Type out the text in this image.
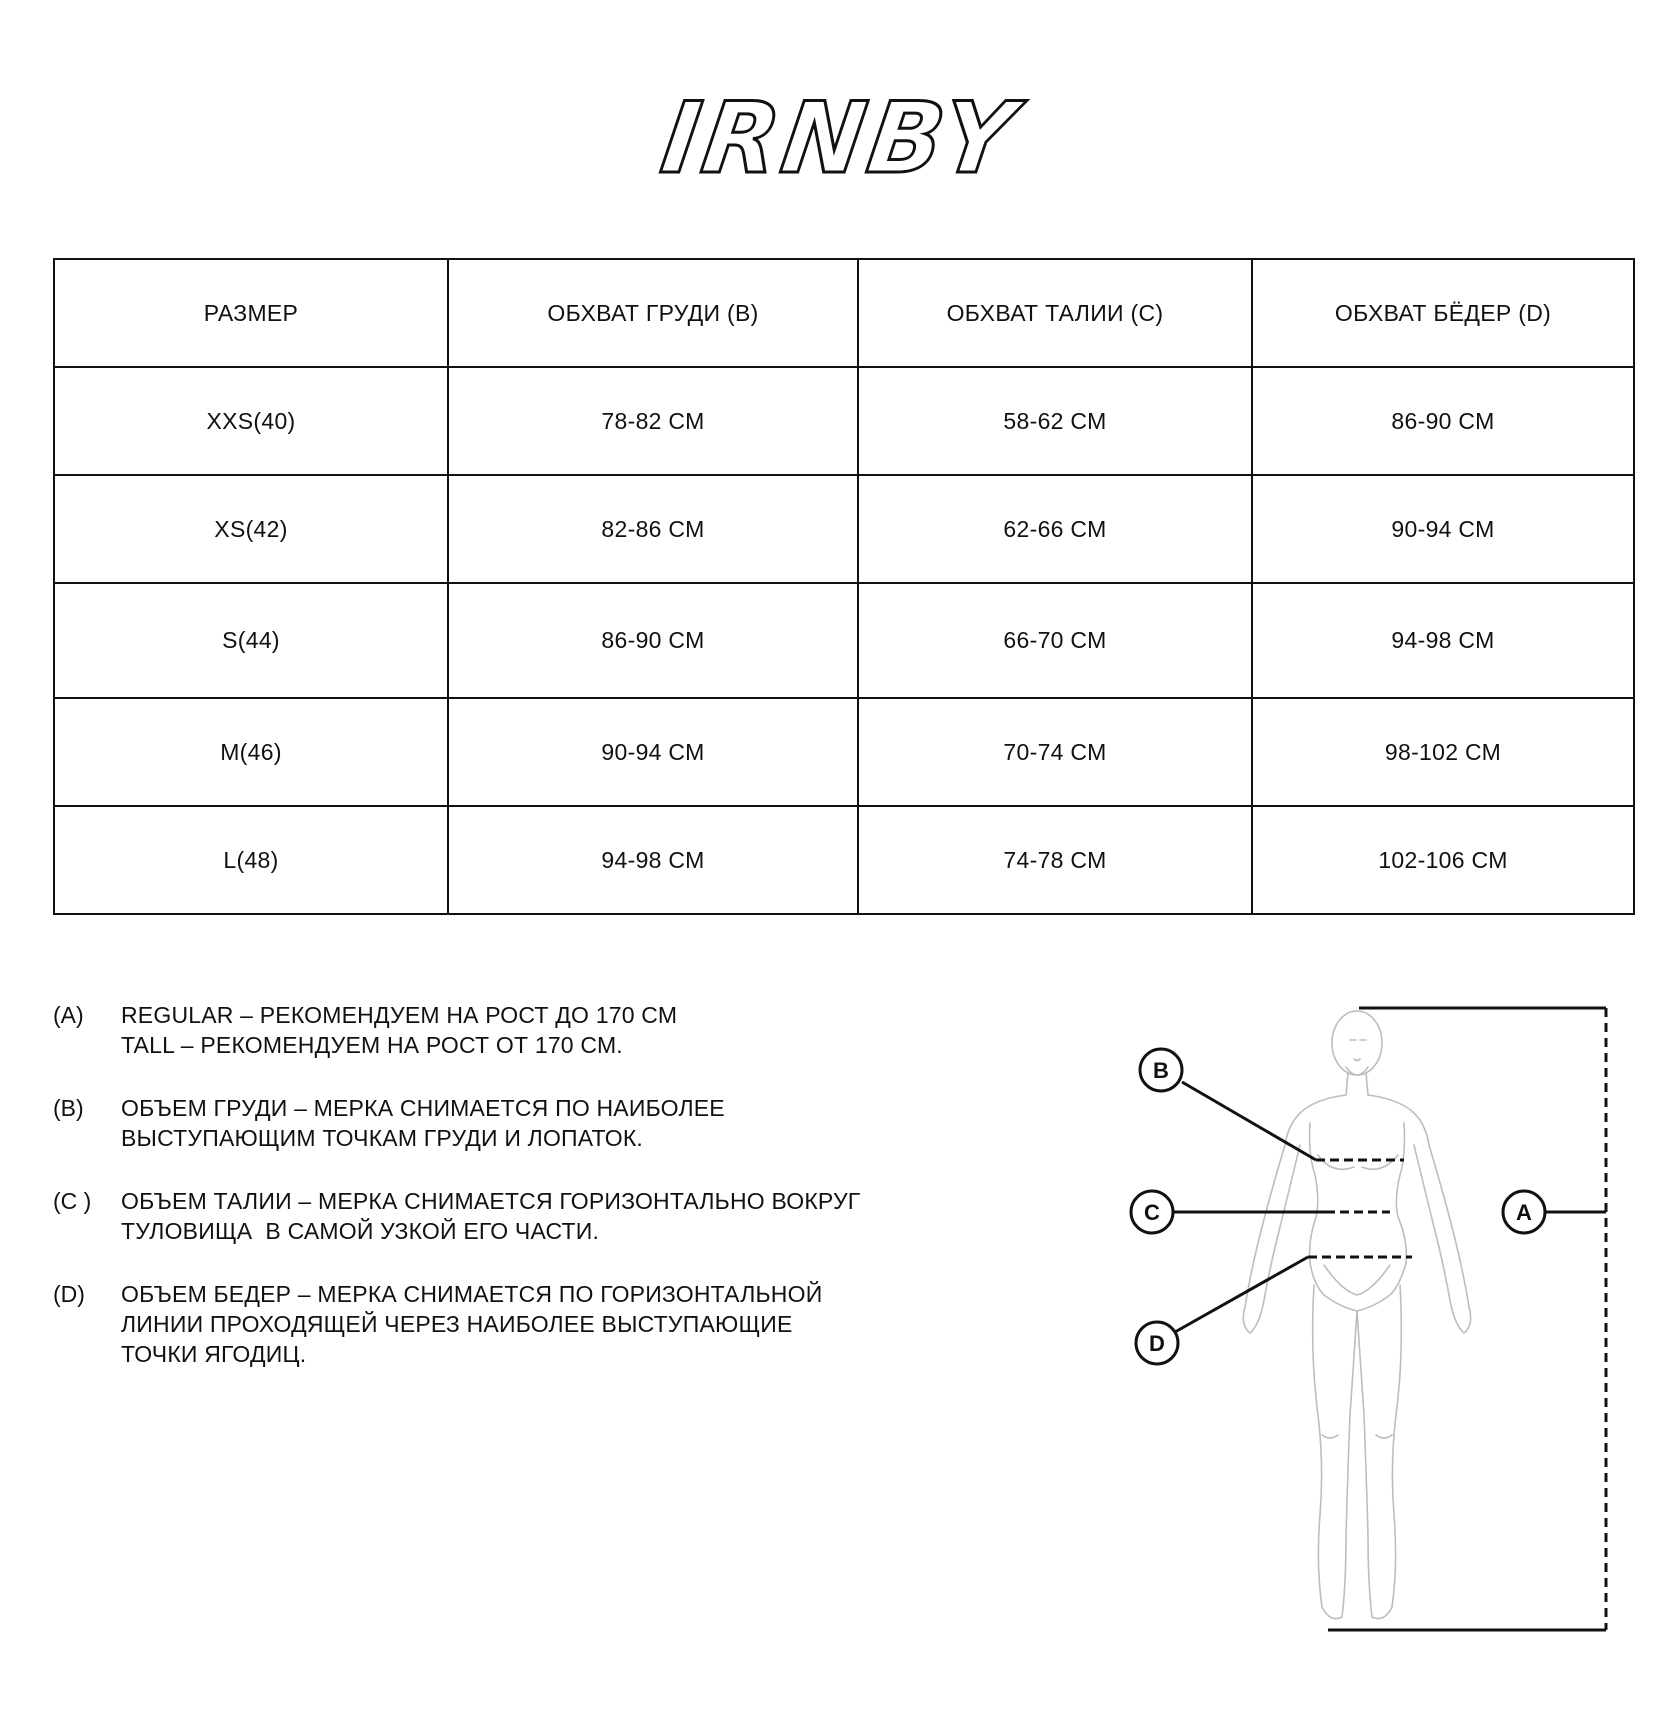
IRNBY
РАЗМЕР	ОБХВАТ ГРУДИ (B)	ОБХВАТ ТАЛИИ (C)	ОБХВАТ БЁДЕР (D)
XXS(40)	78-82 СМ	58-62 СМ	86-90 СМ
XS(42)	82-86 СМ	62-66 СМ	90-94 СМ
S(44)	86-90 СМ	66-70 СМ	94-98 СМ
M(46)	90-94 СМ	70-74 СМ	98-102 СМ
L(48)	94-98 СМ	74-78 СМ	102-106 СМ
(A)	REGULAR – РЕКОМЕНДУЕМ НА РОСТ ДО 170 СМ
TALL – РЕКОМЕНДУЕМ НА РОСТ ОТ 170 СМ.
(B)	ОБЪЕМ ГРУДИ – МЕРКА СНИМАЕТСЯ ПО НАИБОЛЕЕ
ВЫСТУПАЮЩИМ ТОЧКАМ ГРУДИ И ЛОПАТОК.
(C )	ОБЪЕМ ТАЛИИ – МЕРКА СНИМАЕТСЯ ГОРИЗОНТАЛЬНО ВОКРУГ
ТУЛОВИЩА  В САМОЙ УЗКОЙ ЕГО ЧАСТИ.
(D)	ОБЪЕМ БЕДЕР – МЕРКА СНИМАЕТСЯ ПО ГОРИЗОНТАЛЬНОЙ
ЛИНИИ ПРОХОДЯЩЕЙ ЧЕРЕЗ НАИБОЛЕЕ ВЫСТУПАЮЩИЕ
ТОЧКИ ЯГОДИЦ.
A
B
C
D
